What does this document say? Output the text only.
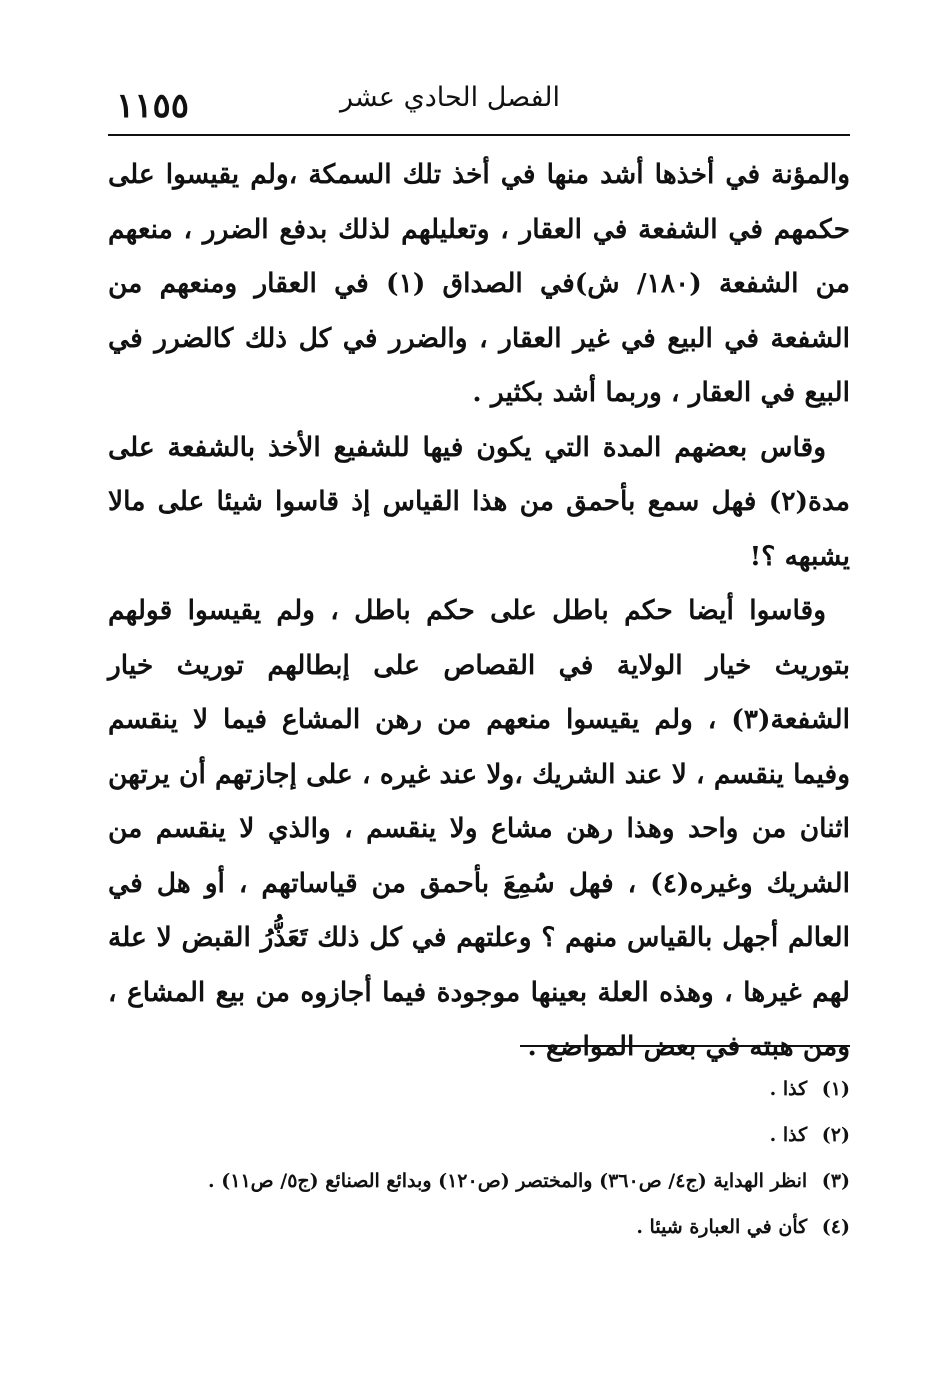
الفصل الحادي عشر
١١٥٥

والمؤنة في أخذها أشد منها في أخذ تلك السمكة ،ولم يقيسوا على حكمهم في الشفعة في العقار ، وتعليلهم لذلك بدفع الضرر ، منعهم من الشفعة (١٨٠/ ش)في الصداق (١) في العقار ومنعهم من الشفعة في البيع في غير العقار ، والضرر في كل ذلك كالضرر في البيع في العقار ، وربما أشد بكثير .

وقاس بعضهم المدة التي يكون فيها للشفيع الأخذ بالشفعة على مدة(٢) فهل سمع بأحمق من هذا القياس إذ قاسوا شيئا على مالا يشبهه ؟!

وقاسوا أيضا حكم باطل على حكم باطل ، ولم يقيسوا قولهم بتوريث خيار الولاية في القصاص على إبطالهم توريث خيار الشفعة(٣) ، ولم يقيسوا منعهم من رهن المشاع فيما لا ينقسم وفيما ينقسم ، لا عند الشريك ،ولا عند غيره ، على إجازتهم أن يرتهن اثنان من واحد وهذا رهن مشاع ولا ينقسم ، والذي لا ينقسم من الشريك وغيره(٤) ، فهل سُمِعَ بأحمق من قياساتهم ، أو هل في العالم أجهل بالقياس منهم ؟ وعلتهم في كل ذلك تَعَذُّرُ القبض لا علة لهم غيرها ، وهذه العلة بعينها موجودة فيما أجازوه من بيع المشاع ، ومن هبته في بعض المواضع .

(١) كذا .

(٢) كذا .

(٣) انظر الهداية (ج٤/ ص٣٦٠) والمختصر (ص١٢٠) وبدائع الصنائع (ج٥/ ص١١) .

(٤) كأن في العبارة شيئا .
